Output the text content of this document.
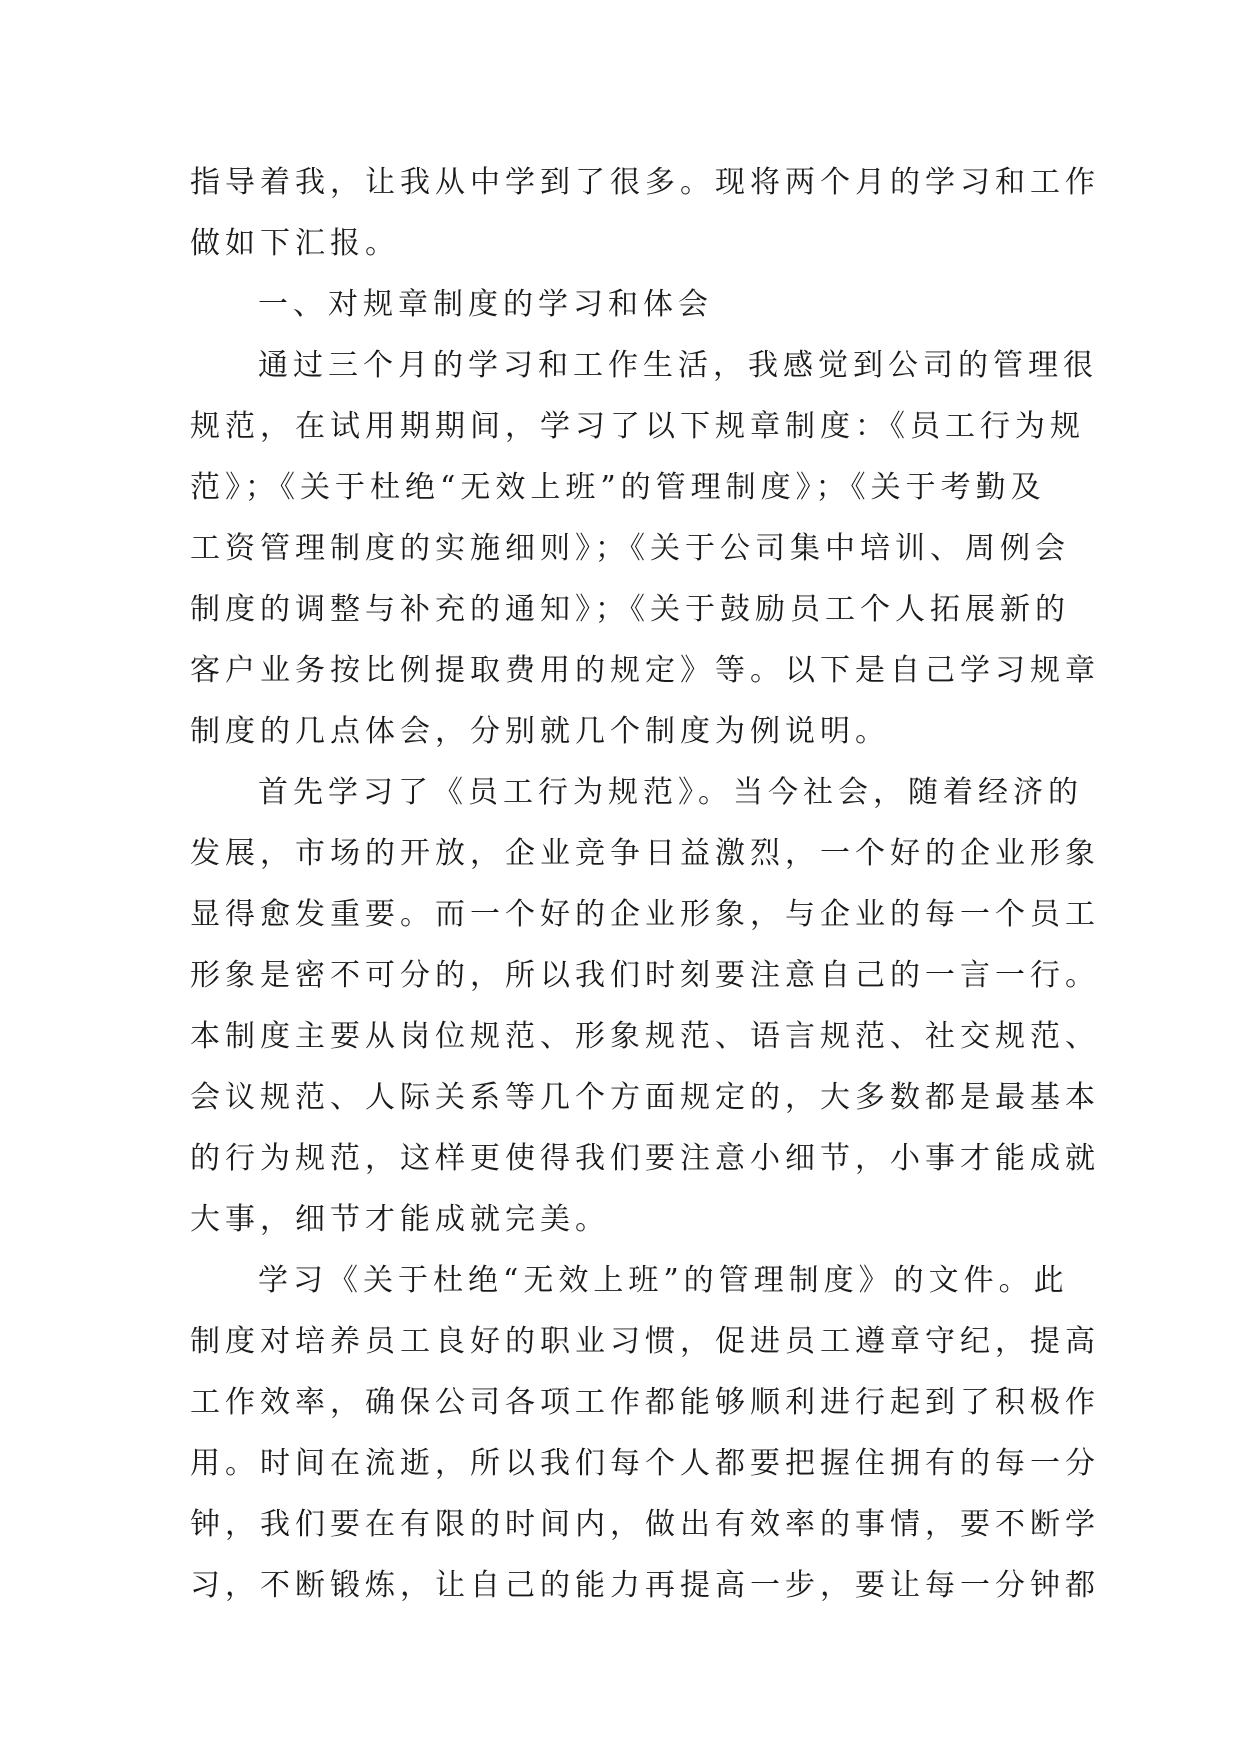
指导着我，让我从中学到了很多。现将两个月的学习和工作
做如下汇报。
一、对规章制度的学习和体会
通过三个月的学习和工作生活，我感觉到公司的管理很
规范，在试用期期间，学习了以下规章制度：《员工行为规
范》；《关于杜绝“无效上班”的管理制度》；《关于考勤及
工资管理制度的实施细则》；《关于公司集中培训、周例会
制度的调整与补充的通知》；《关于鼓励员工个人拓展新的
客户业务按比例提取费用的规定》等。以下是自己学习规章
制度的几点体会，分别就几个制度为例说明。
首先学习了《员工行为规范》。当今社会，随着经济的
发展，市场的开放，企业竞争日益激烈，一个好的企业形象
显得愈发重要。而一个好的企业形象，与企业的每一个员工
形象是密不可分的，所以我们时刻要注意自己的一言一行。
本制度主要从岗位规范、形象规范、语言规范、社交规范、
会议规范、人际关系等几个方面规定的，大多数都是最基本
的行为规范，这样更使得我们要注意小细节，小事才能成就
大事，细节才能成就完美。
学习《关于杜绝“无效上班”的管理制度》的文件。此
制度对培养员工良好的职业习惯，促进员工遵章守纪，提高
工作效率，确保公司各项工作都能够顺利进行起到了积极作
用。时间在流逝，所以我们每个人都要把握住拥有的每一分
钟，我们要在有限的时间内，做出有效率的事情，要不断学
习，不断锻炼，让自己的能力再提高一步，要让每一分钟都
